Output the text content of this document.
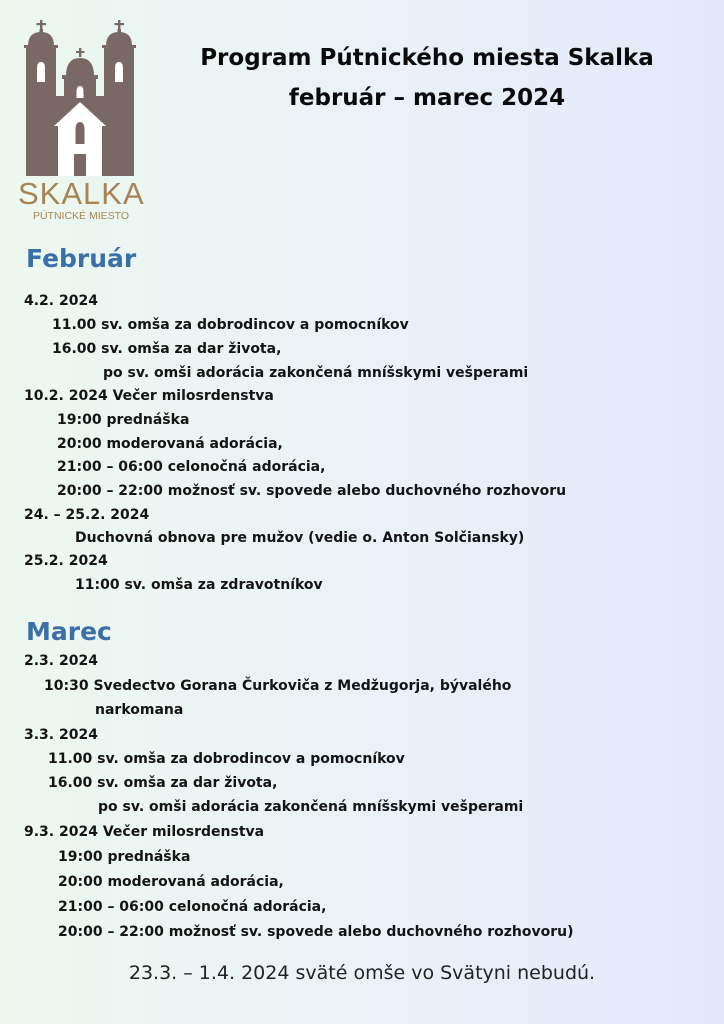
SKALKA
PÚTNICKÉ MIESTO
Program Pútnického miesta Skalka
február – marec 2024
Február
4.2. 2024
11.00 sv. omša za dobrodincov a pomocníkov
16.00 sv. omša za dar života,
po sv. omši adorácia zakončená mníšskymi vešperami
10.2. 2024 Večer milosrdenstva
19:00 prednáška
20:00 moderovaná adorácia,
21:00 – 06:00 celonočná adorácia,
20:00 – 22:00 možnosť sv. spovede alebo duchovného rozhovoru
24. – 25.2. 2024
Duchovná obnova pre mužov (vedie o. Anton Solčiansky)
25.2. 2024
11:00 sv. omša za zdravotníkov
Marec
2.3. 2024
10:30 Svedectvo Gorana Čurkoviča z Medžugorja, bývalého
narkomana
3.3. 2024
11.00 sv. omša za dobrodincov a pomocníkov
16.00 sv. omša za dar života,
po sv. omši adorácia zakončená mníšskymi vešperami
9.3. 2024 Večer milosrdenstva
19:00 prednáška
20:00 moderovaná adorácia,
21:00 – 06:00 celonočná adorácia,
20:00 – 22:00 možnosť sv. spovede alebo duchovného rozhovoru)
23.3. – 1.4. 2024 sväté omše vo Svätyni nebudú.
